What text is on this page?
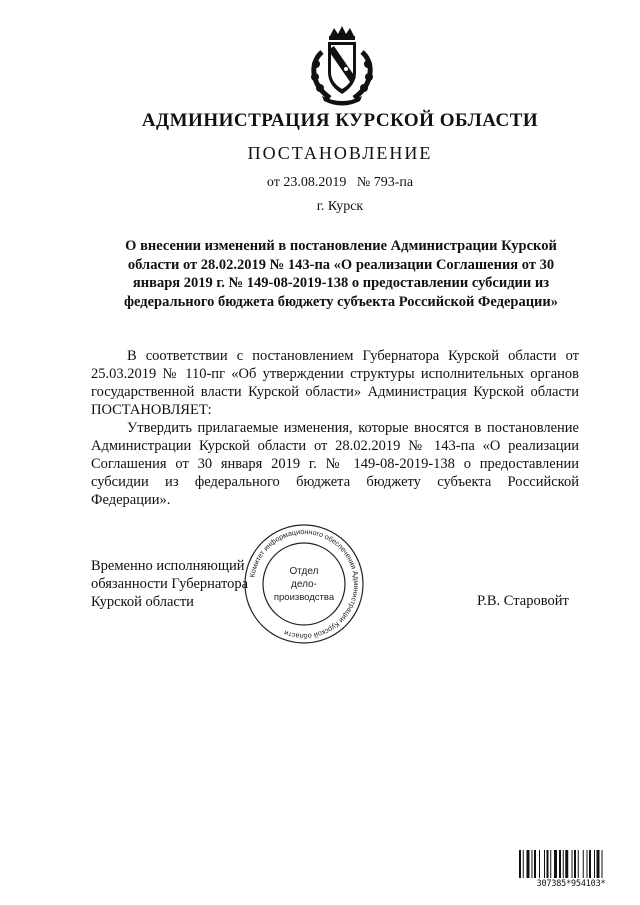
АДМИНИСТРАЦИЯ КУРСКОЙ ОБЛАСТИ
ПОСТАНОВЛЕНИЕ
от 23.08.2019   № 793-па
г. Курск
О внесении изменений в постановление Администрации Курской области от 28.02.2019 № 143-па «О реализации Соглашения от 30 января 2019 г. № 149-08-2019-138 о предоставлении субсидии из федерального бюджета бюджету субъекта Российской Федерации»

В соответствии с постановлением Губернатора Курской области от 25.03.2019 № 110-пг «Об утверждении структуры исполнительных органов государственной власти Курской области» Администрация Курской области ПОСТАНОВЛЯЕТ:

Утвердить прилагаемые изменения, которые вносятся в постановление Администрации Курской области от 28.02.2019 № 143-па «О реализации Соглашения от 30 января 2019 г. № 149-08-2019-138 о предоставлении субсидии из федерального бюджета бюджету субъекта Российской Федерации».

Временно исполняющий
обязанности Губернатора
Курской области
Комитет информационного обеспечения Администрации Курской области
Отдел
дело-
производства	Р.В. Старовойт
307385*954103*
